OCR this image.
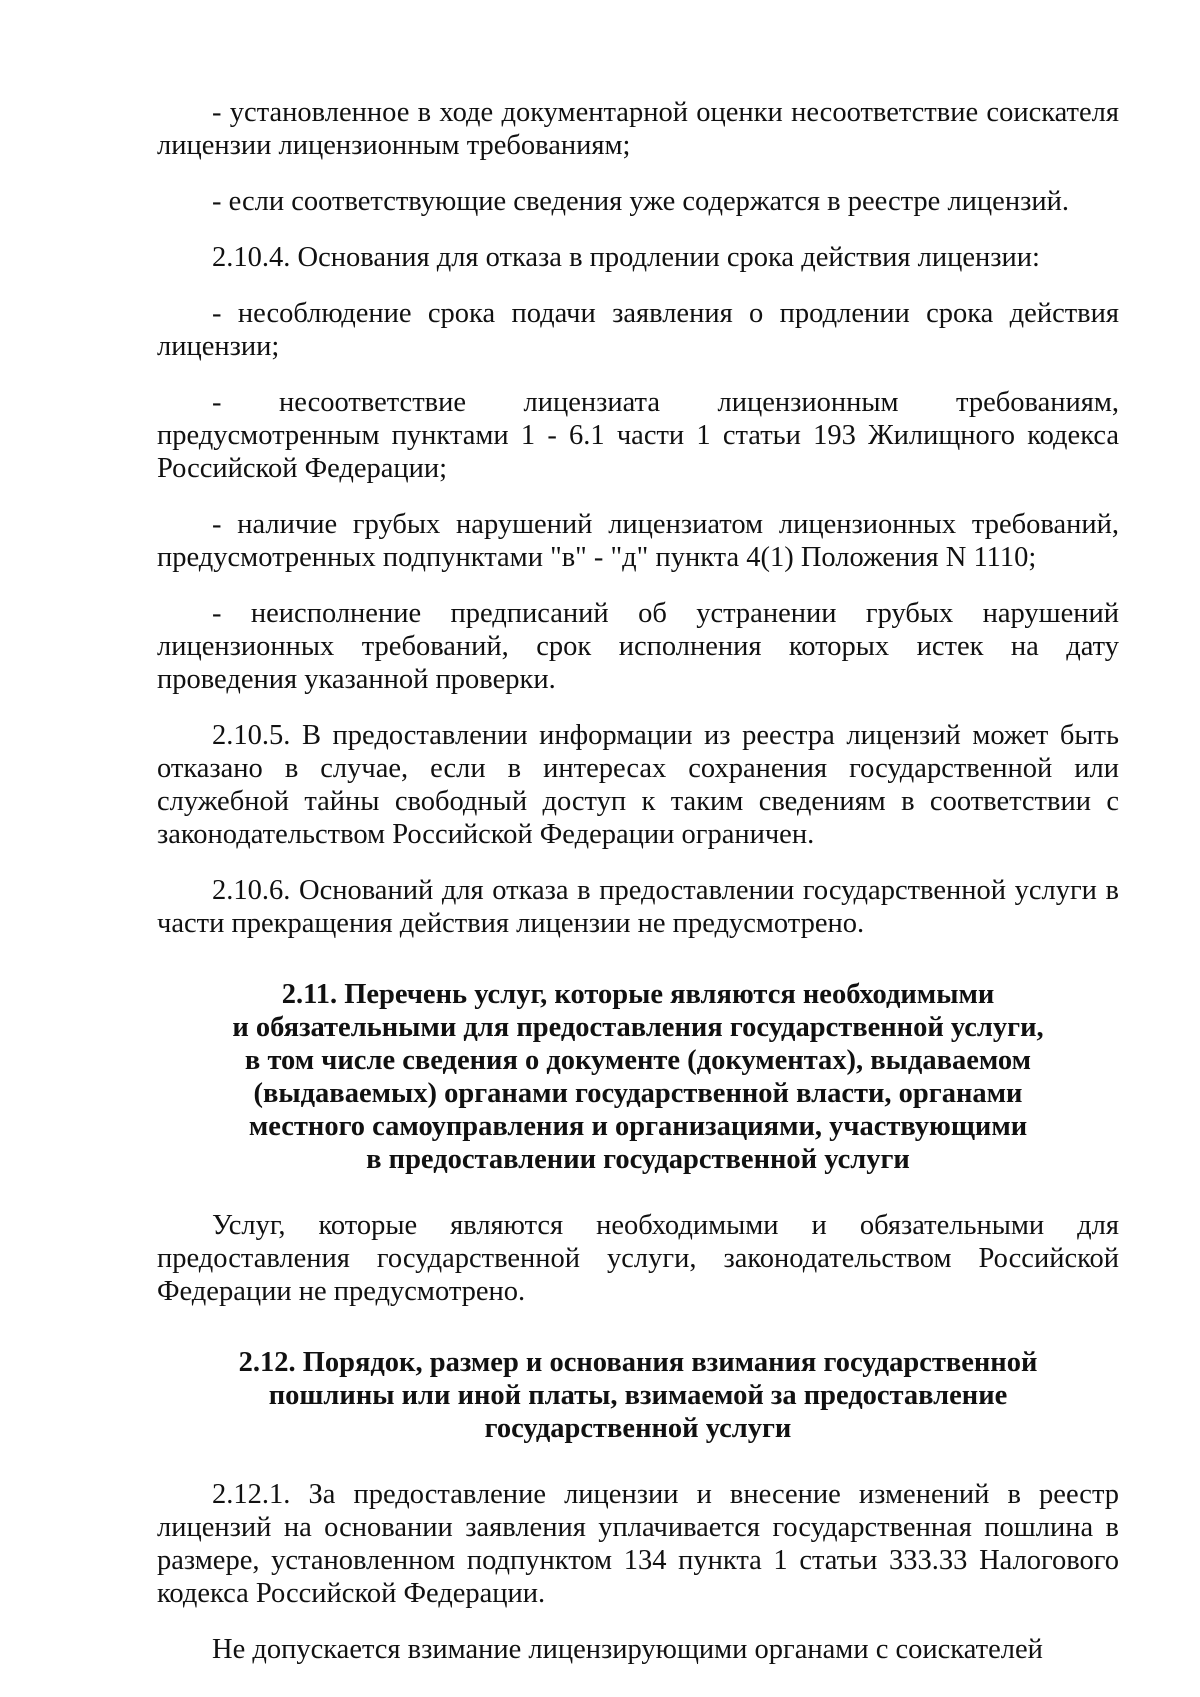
- установленное в ходе документарной оценки несоответствие соискателя лицензии лицензионным требованиям;

- если соответствующие сведения уже содержатся в реестре лицензий.

2.10.4. Основания для отказа в продлении срока действия лицензии:

- несоблюдение срока подачи заявления о продлении срока действия лицензии;

- несоответствие лицензиата лицензионным требованиям, предусмотренным пунктами 1 - 6.1 части 1 статьи 193 Жилищного кодекса Российской Федерации;

- наличие грубых нарушений лицензиатом лицензионных требований, предусмотренных подпунктами "в" - "д" пункта 4(1) Положения N 1110;

- неисполнение предписаний об устранении грубых нарушений лицензионных требований, срок исполнения которых истек на дату проведения указанной проверки.

2.10.5. В предоставлении информации из реестра лицензий может быть отказано в случае, если в интересах сохранения государственной или служебной тайны свободный доступ к таким сведениям в соответствии с законодательством Российской Федерации ограничен.

2.10.6. Оснований для отказа в предоставлении государственной услуги в части прекращения действия лицензии не предусмотрено.

2.11. Перечень услуг, которые являются необходимыми
и обязательными для предоставления государственной услуги,
в том числе сведения о документе (документах), выдаваемом
(выдаваемых) органами государственной власти, органами
местного самоуправления и организациями, участвующими
в предоставлении государственной услуги

Услуг, которые являются необходимыми и обязательными для предоставления государственной услуги, законодательством Российской Федерации не предусмотрено.

2.12. Порядок, размер и основания взимания государственной
пошлины или иной платы, взимаемой за предоставление
государственной услуги

2.12.1. За предоставление лицензии и внесение изменений в реестр лицензий на основании заявления уплачивается государственная пошлина в размере, установленном подпунктом 134 пункта 1 статьи 333.33 Налогового кодекса Российской Федерации.

Не допускается взимание лицензирующими органами с соискателей
